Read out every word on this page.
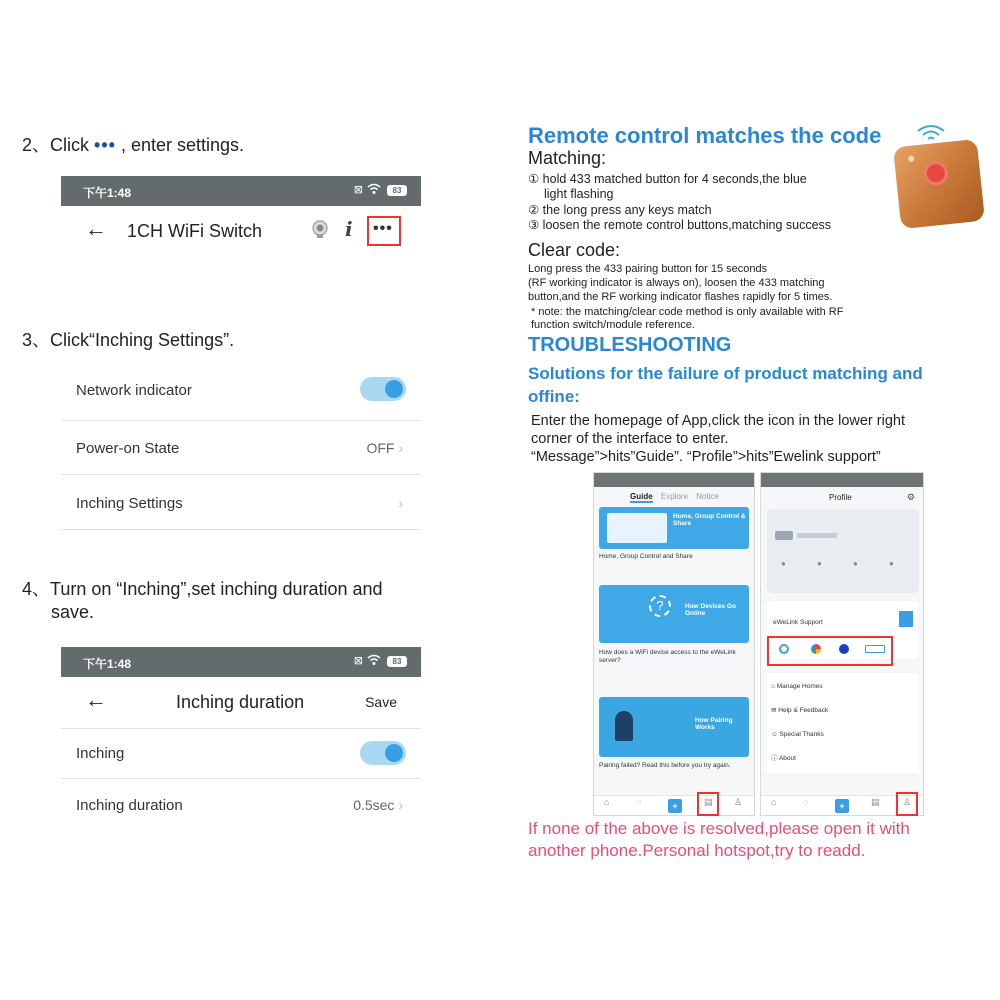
2、Click ••• , enter settings.
下午1:48	⊠	83
← 1CH WiFi Switch	i •••
3、Click“Inching Settings”.
Network indicator
Power-on State	OFF ›
Inching Settings	›
4、Turn on “Inching”,set inching duration and
save.
下午1:48	⊠	83
←	Inching duration	Save
Inching
Inching duration	0.5sec ›
Remote control matches the code
Matching:
① hold 433 matched button for 4 seconds,the blue
light flashing
② the long press any keys match
③ loosen the remote control buttons,matching success
Clear code:
Long press the 433 pairing button for 15 seconds
(RF working indicator is always on), loosen the 433 matching
button,and the RF working indicator flashes rapidly for 5 times.
* note: the matching/clear code method is only available with RF
function switch/module reference.
TROUBLESHOOTING
Solutions for the failure of product matching and
offine:
Enter the homepage of App,click the icon in the lower right
corner of the interface to enter.
“Message”>hits”Guide”. “Profile”>hits”Ewelink support”
Guide Explore Notice
Home, Group Control & Share
Home, Group Control and Share

?	How Devices Go Online
How does a WiFi device access to the eWeLink server?
How Pairing Works
Pairing failed? Read this before you try again.
⌂	◌	+	▤ ♙
Profile	⚙
●	●	●	●
eWeLink Support
⌂ Manage Homes
✉ Help & Feedback
☺ Special Thanks
ⓘ About
⌂	◌	+	▤	♙
If none of the above is resolved,please open it with
another phone.Personal hotspot,try to readd.
